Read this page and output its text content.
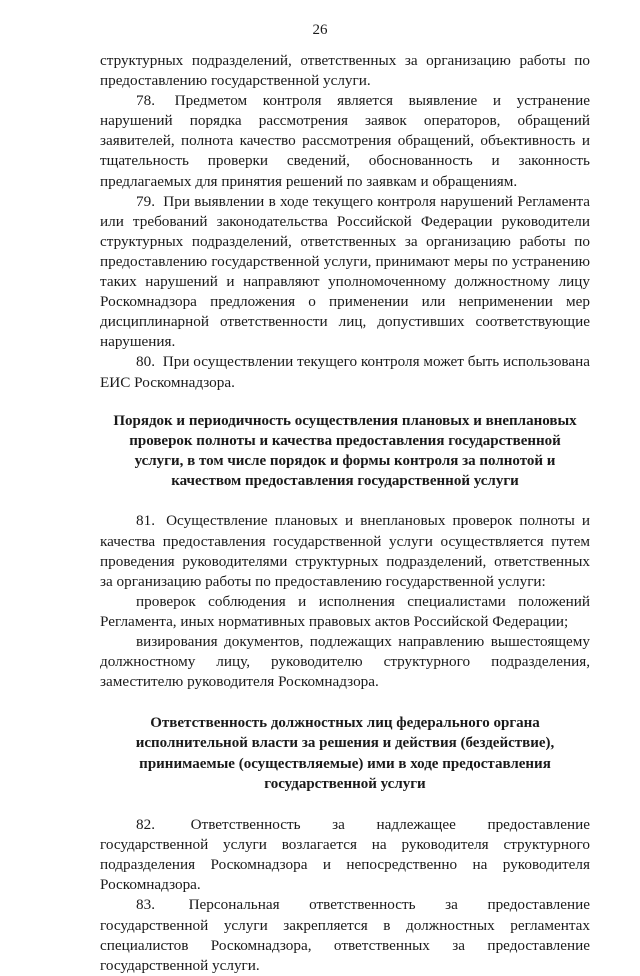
26

структурных подразделений, ответственных за организацию работы по предоставлению государственной услуги.

78. Предметом контроля является выявление и устранение нарушений порядка рассмотрения заявок операторов, обращений заявителей, полнота качество рассмотрения обращений, объективность и тщательность проверки сведений, обоснованность и законность предлагаемых для принятия решений по заявкам и обращениям.

79. При выявлении в ходе текущего контроля нарушений Регламента или требований законодательства Российской Федерации руководители структурных подразделений, ответственных за организацию работы по предоставлению государственной услуги, принимают меры по устранению таких нарушений и направляют уполномоченному должностному лицу Роскомнадзора предложения о применении или неприменении мер дисциплинарной ответственности лиц, допустивших соответствующие нарушения.

80. При осуществлении текущего контроля может быть использована ЕИС Роскомнадзора.

Порядок и периодичность осуществления плановых и внеплановых проверок полноты и качества предоставления государственной услуги, в том числе порядок и формы контроля за полнотой и качеством предоставления государственной услуги

81. Осуществление плановых и внеплановых проверок полноты и качества предоставления государственной услуги осуществляется путем проведения руководителями структурных подразделений, ответственных за организацию работы по предоставлению государственной услуги:

проверок соблюдения и исполнения специалистами положений Регламента, иных нормативных правовых актов Российской Федерации;

визирования документов, подлежащих направлению вышестоящему должностному лицу, руководителю структурного подразделения, заместителю руководителя Роскомнадзора.

Ответственность должностных лиц федерального органа исполнительной власти за решения и действия (бездействие), принимаемые (осуществляемые) ими в ходе предоставления государственной услуги

82. Ответственность за надлежащее предоставление государственной услуги возлагается на руководителя структурного подразделения Роскомнадзора и непосредственно на руководителя Роскомнадзора.

83. Персональная ответственность за предоставление государственной услуги закрепляется в должностных регламентах специалистов Роскомнадзора, ответственных за предоставление государственной услуги.
